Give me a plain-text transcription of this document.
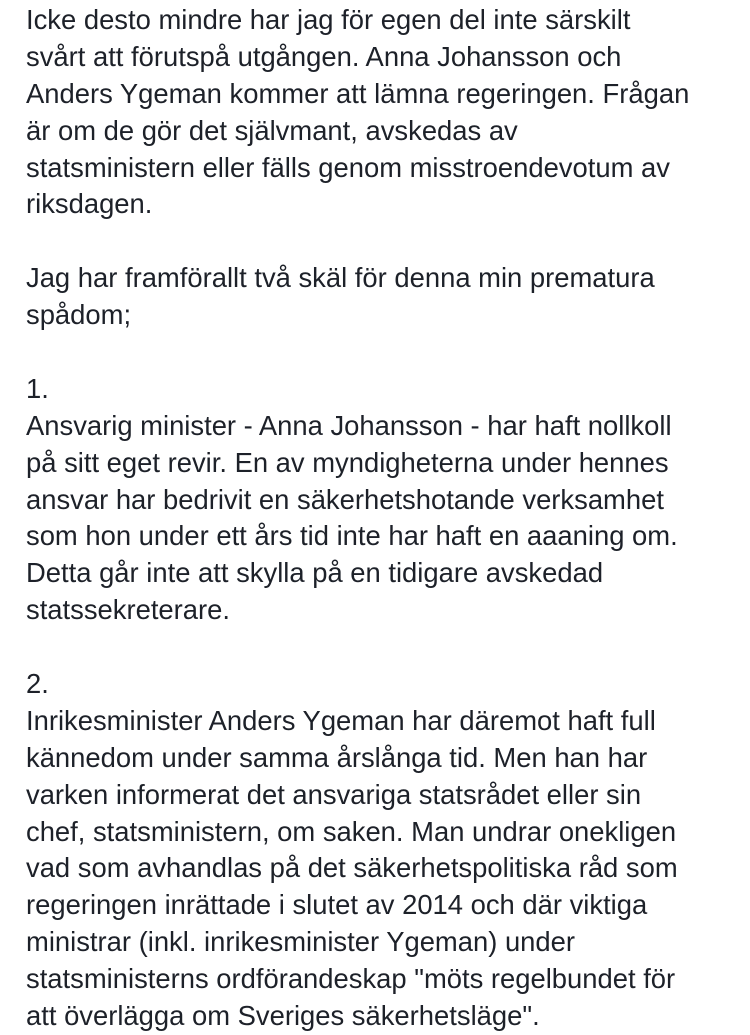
Icke desto mindre har jag för egen del inte särskilt
svårt att förutspå utgången. Anna Johansson och
Anders Ygeman kommer att lämna regeringen. Frågan
är om de gör det självmant, avskedas av
statsministern eller fälls genom misstroendevotum av
riksdagen.
Jag har framförallt två skäl för denna min prematura
spådom;
1.
Ansvarig minister - Anna Johansson - har haft nollkoll
på sitt eget revir. En av myndigheterna under hennes
ansvar har bedrivit en säkerhetshotande verksamhet
som hon under ett års tid inte har haft en aaaning om.
Detta går inte att skylla på en tidigare avskedad
statssekreterare.
2.
Inrikesminister Anders Ygeman har däremot haft full
kännedom under samma årslånga tid. Men han har
varken informerat det ansvariga statsrådet eller sin
chef, statsministern, om saken. Man undrar onekligen
vad som avhandlas på det säkerhetspolitiska råd som
regeringen inrättade i slutet av 2014 och där viktiga
ministrar (inkl. inrikesminister Ygeman) under
statsministerns ordförandeskap "möts regelbundet för
att överlägga om Sveriges säkerhetsläge".
